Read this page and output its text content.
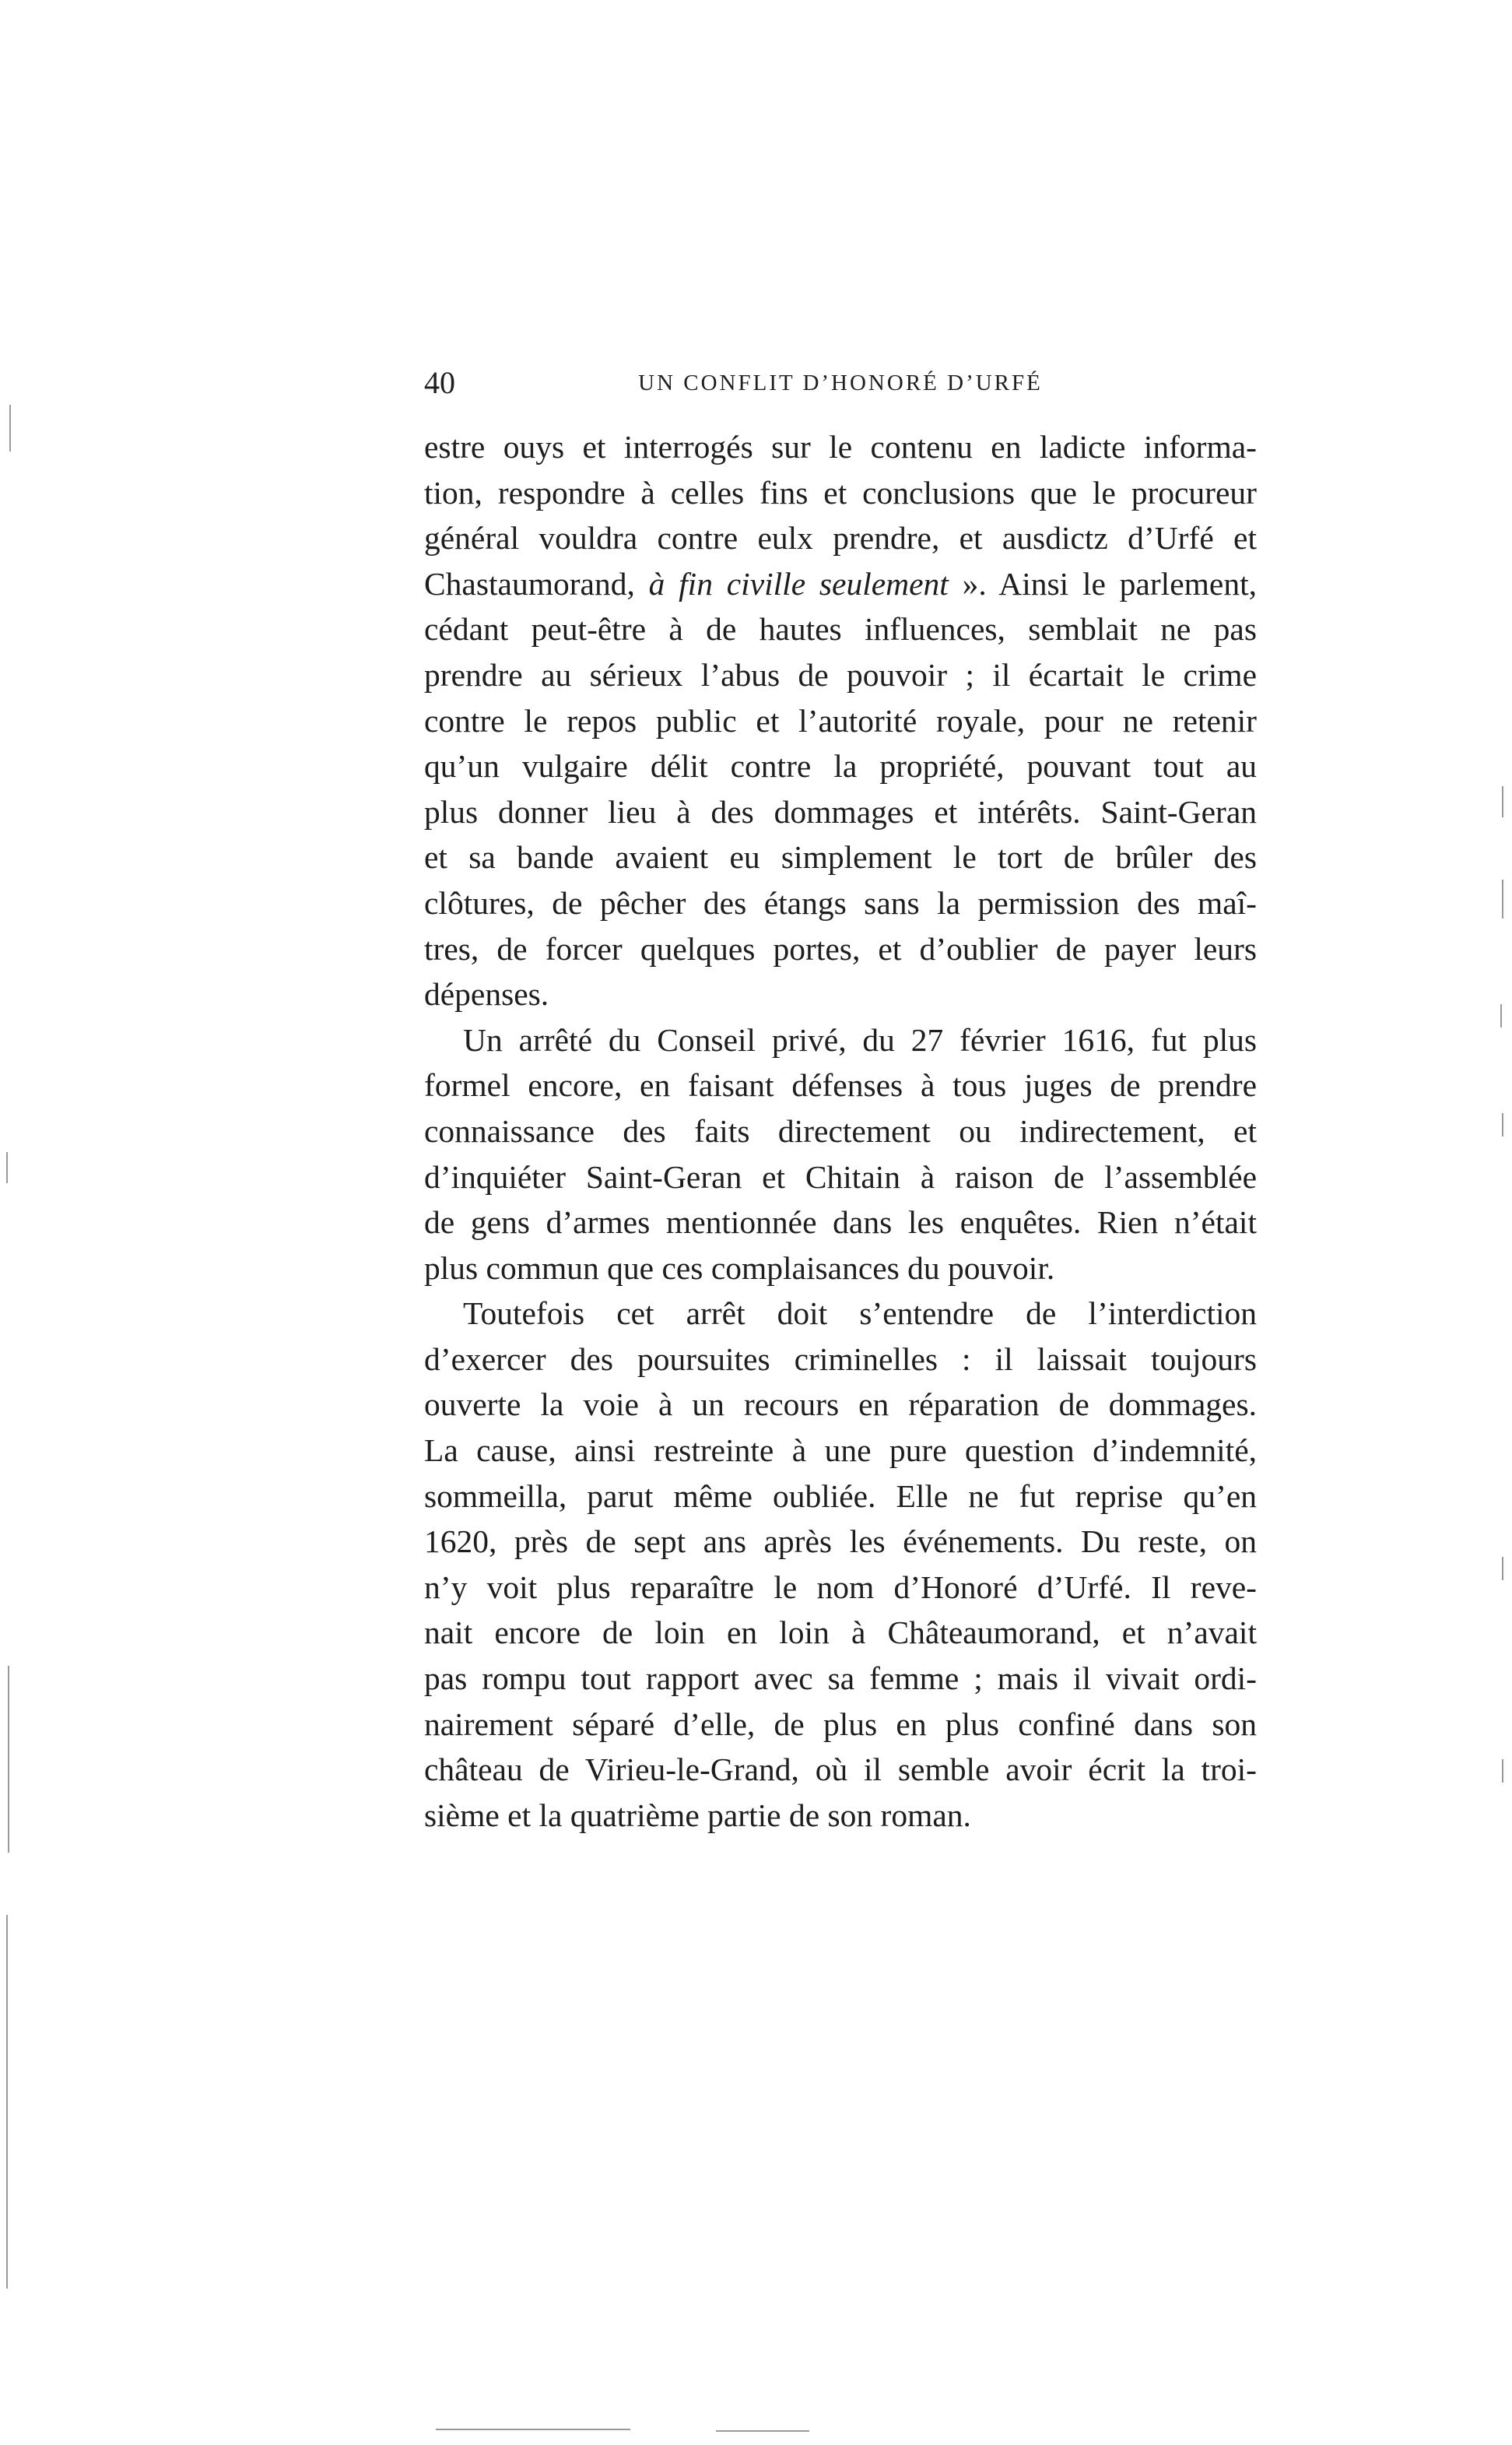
40	UN CONFLIT D’HONORÉ D’URFÉ
estre ouys et interrogés sur le contenu en ladicte informa-
tion, respondre à celles fins et conclusions que le procureur
général vouldra contre eulx prendre, et ausdictz d’Urfé et
Chastaumorand, à fin civille seulement ». Ainsi le parlement,
cédant peut-être à de hautes influences, semblait ne pas
prendre au sérieux l’abus de pouvoir ; il écartait le crime
contre le repos public et l’autorité royale, pour ne retenir
qu’un vulgaire délit contre la propriété, pouvant tout au
plus donner lieu à des dommages et intérêts. Saint-Geran
et sa bande avaient eu simplement le tort de brûler des
clôtures, de pêcher des étangs sans la permission des maî-
tres, de forcer quelques portes, et d’oublier de payer leurs
dépenses.
Un arrêté du Conseil privé, du 27 février 1616, fut plus
formel encore, en faisant défenses à tous juges de prendre
connaissance des faits directement ou indirectement, et
d’inquiéter Saint-Geran et Chitain à raison de l’assemblée
de gens d’armes mentionnée dans les enquêtes. Rien n’était
plus commun que ces complaisances du pouvoir.
Toutefois cet arrêt doit s’entendre de l’interdiction
d’exercer des poursuites criminelles : il laissait toujours
ouverte la voie à un recours en réparation de dommages.
La cause, ainsi restreinte à une pure question d’indemnité,
sommeilla, parut même oubliée. Elle ne fut reprise qu’en
1620, près de sept ans après les événements. Du reste, on
n’y voit plus reparaître le nom d’Honoré d’Urfé. Il reve-
nait encore de loin en loin à Châteaumorand, et n’avait
pas rompu tout rapport avec sa femme ; mais il vivait ordi-
nairement séparé d’elle, de plus en plus confiné dans son
château de Virieu-le-Grand, où il semble avoir écrit la troi-
sième et la quatrième partie de son roman.
